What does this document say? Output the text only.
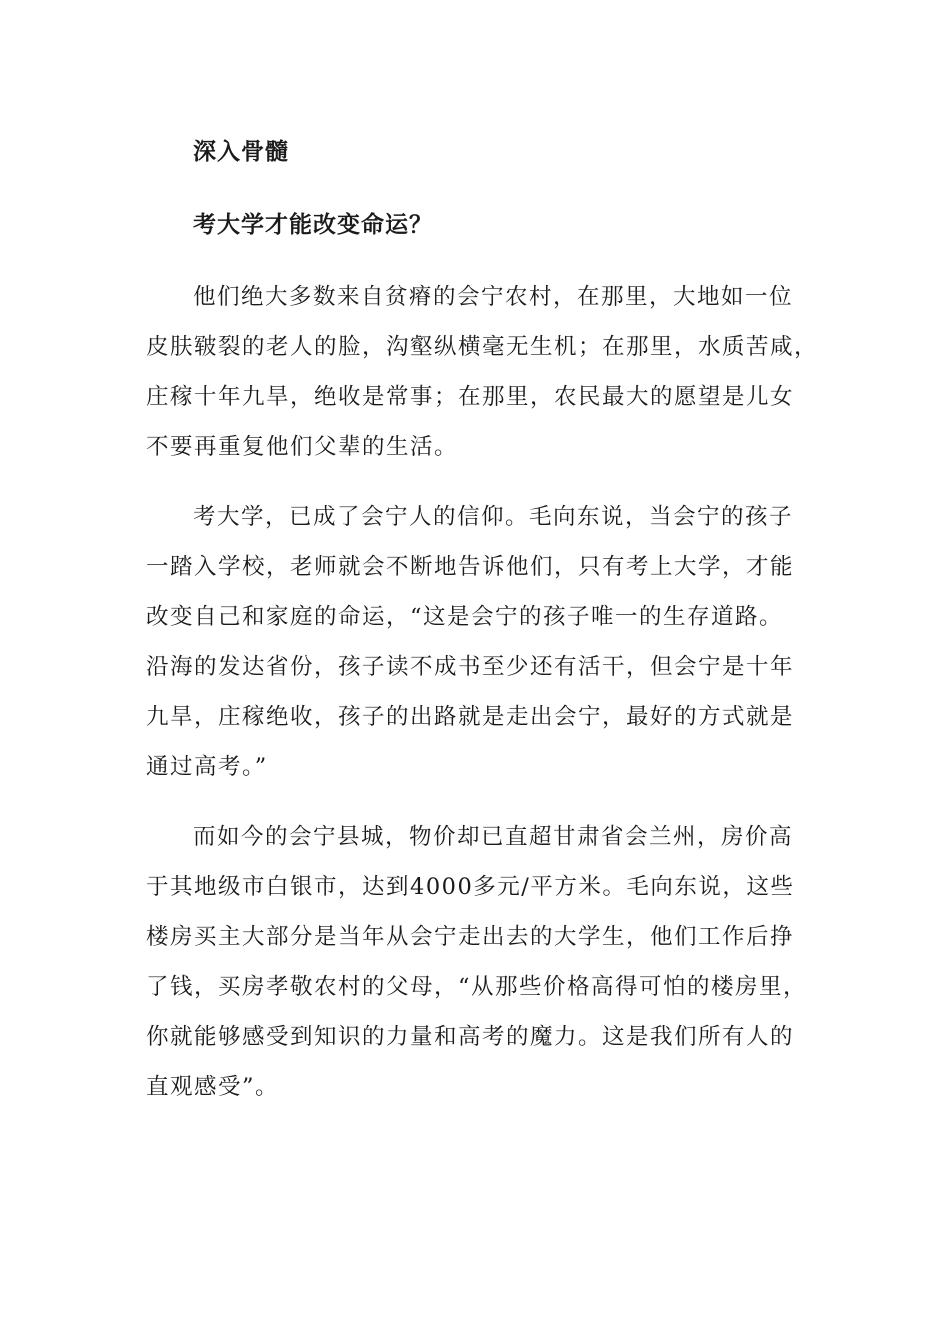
深入骨髓
考大学才能改变命运？
他们绝大多数来自贫瘠的会宁农村，在那里，大地如一位
皮肤皲裂的老人的脸，沟壑纵横毫无生机；在那里，水质苦咸，
庄稼十年九旱，绝收是常事；在那里，农民最大的愿望是儿女
不要再重复他们父辈的生活。
考大学，已成了会宁人的信仰。毛向东说，当会宁的孩子
一踏入学校，老师就会不断地告诉他们，只有考上大学，才能
改变自己和家庭的命运，“这是会宁的孩子唯一的生存道路。
沿海的发达省份，孩子读不成书至少还有活干，但会宁是十年
九旱，庄稼绝收，孩子的出路就是走出会宁，最好的方式就是
通过高考。”
而如今的会宁县城，物价却已直超甘肃省会兰州，房价高
于其地级市白银市，达到4000多元/平方米。毛向东说，这些
楼房买主大部分是当年从会宁走出去的大学生，他们工作后挣
了钱，买房孝敬农村的父母，“从那些价格高得可怕的楼房里，
你就能够感受到知识的力量和高考的魔力。这是我们所有人的
直观感受”。
